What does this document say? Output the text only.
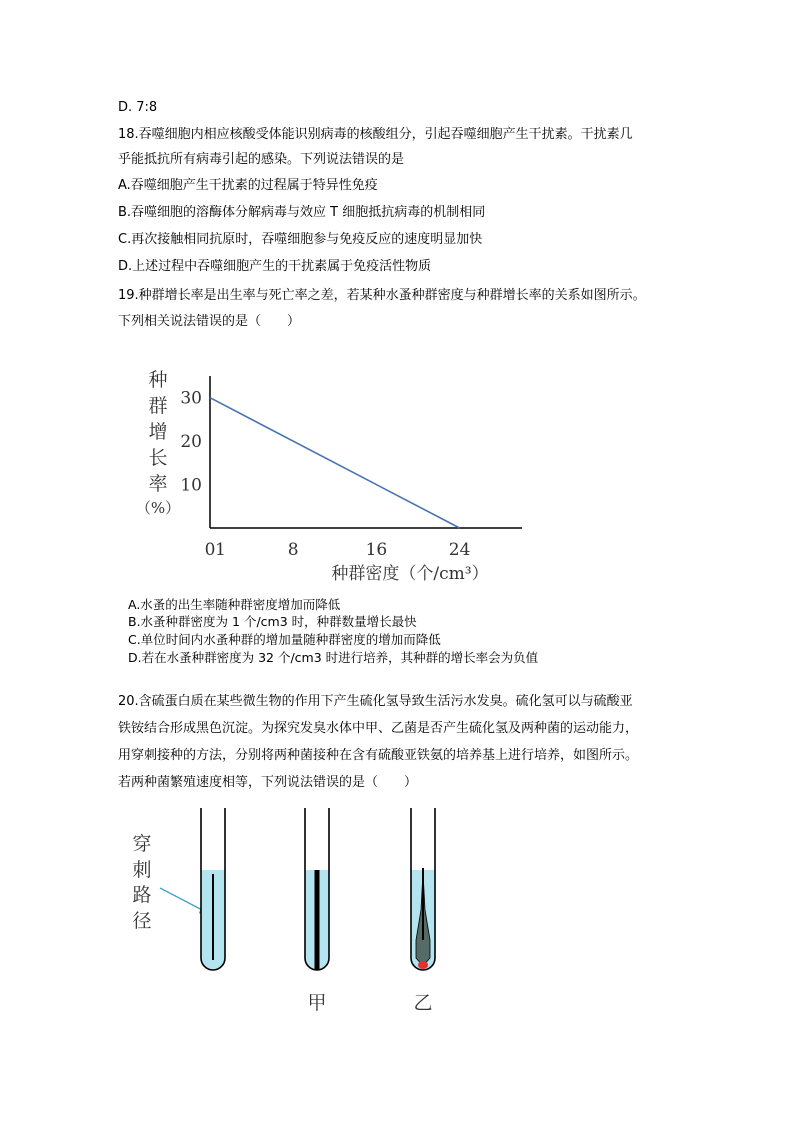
D. 7:8
18.吞噬细胞内相应核酸受体能识别病毒的核酸组分，引起吞噬细胞产生干扰素。干扰素几
乎能抵抗所有病毒引起的感染。下列说法错误的是
A.吞噬细胞产生干扰素的过程属于特异性免疫
B.吞噬细胞的溶酶体分解病毒与效应 T 细胞抵抗病毒的机制相同
C.再次接触相同抗原时，吞噬细胞参与免疫反应的速度明显加快
D.上述过程中吞噬细胞产生的干扰素属于免疫活性物质
19.种群增长率是出生率与死亡率之差，若某种水蚤种群密度与种群增长率的关系如图所示。
下列相关说法错误的是（　　）
种
群
增
长
率
（%）
10
20
30
0 1	8	16	24
种群密度（个/cm³）
A.水蚤的出生率随种群密度增加而降低
B.水蚤种群密度为 1 个/cm3 时，种群数量增长最快
C.单位时间内水蚤种群的增加量随种群密度的增加而降低
D.若在水蚤种群密度为 32 个/cm3 时进行培养，其种群的增长率会为负值
20.含硫蛋白质在某些微生物的作用下产生硫化氢导致生活污水发臭。硫化氢可以与硫酸亚
铁铵结合形成黑色沉淀。为探究发臭水体中甲、乙菌是否产生硫化氢及两种菌的运动能力，
用穿刺接种的方法，分别将两种菌接种在含有硫酸亚铁氨的培养基上进行培养，如图所示。
若两种菌繁殖速度相等，下列说法错误的是（　　）
穿
刺
路
径
甲	乙
